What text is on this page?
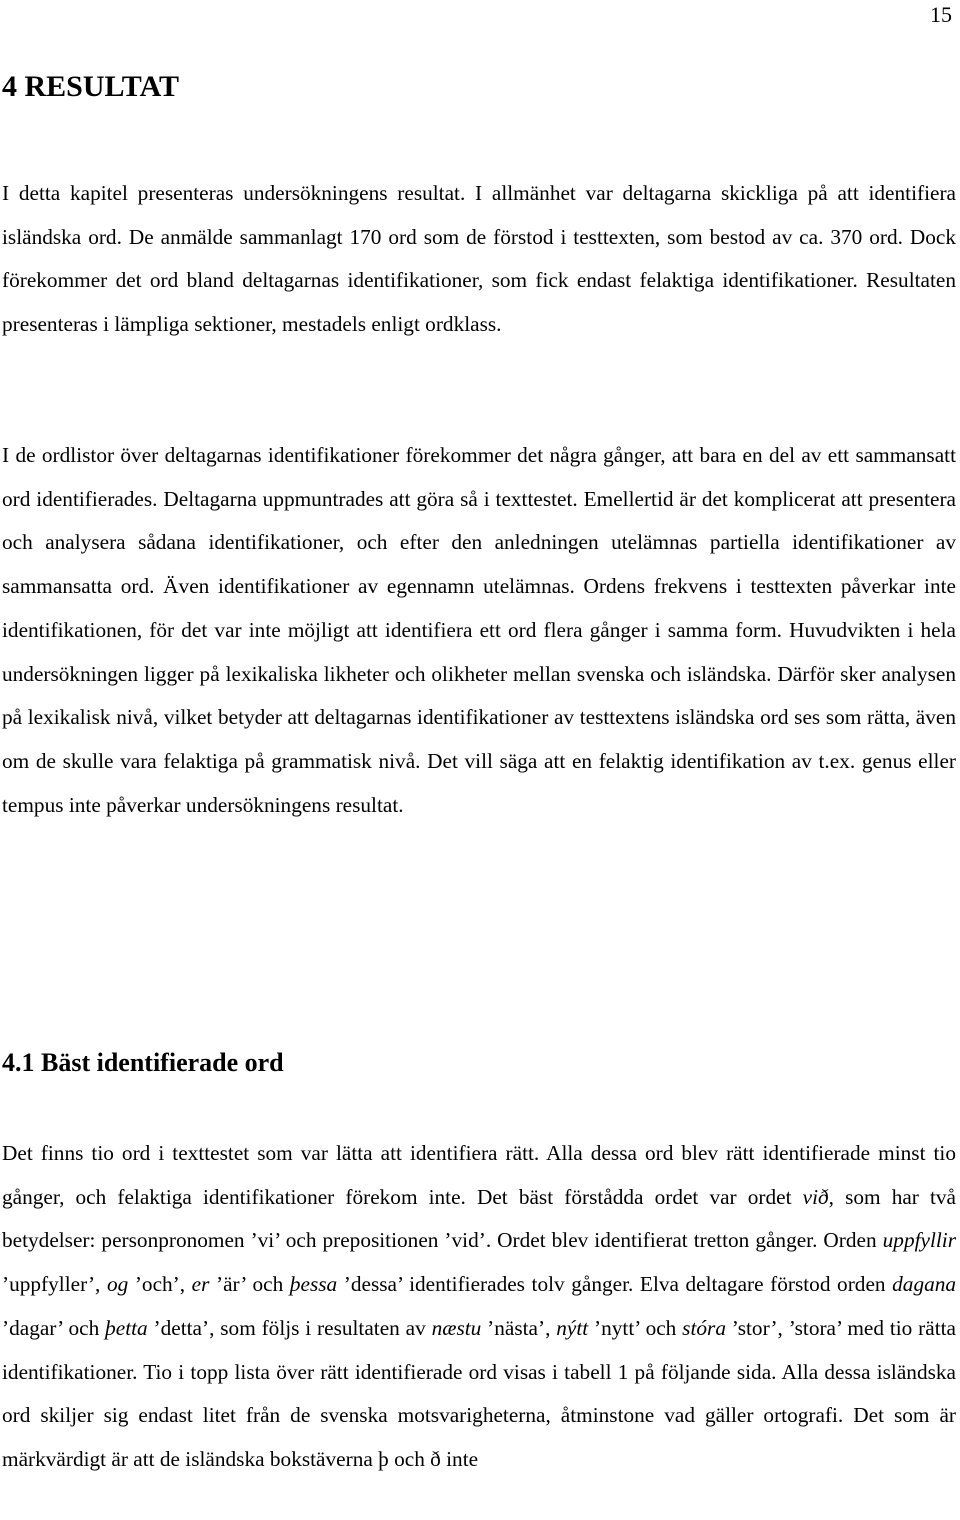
15
4 RESULTAT

I detta kapitel presenteras undersökningens resultat. I allmänhet var deltagarna skickliga på att identifiera isländska ord. De anmälde sammanlagt 170 ord som de förstod i testtexten, som bestod av ca. 370 ord. Dock förekommer det ord bland deltagarnas identifikationer, som fick endast felaktiga identifikationer. Resultaten presenteras i lämpliga sektioner, mestadels enligt ordklass.

I de ordlistor över deltagarnas identifikationer förekommer det några gånger, att bara en del av ett sammansatt ord identifierades. Deltagarna uppmuntrades att göra så i texttestet. Emellertid är det komplicerat att presentera och analysera sådana identifikationer, och efter den anledningen utelämnas partiella identifikationer av sammansatta ord. Även identifikationer av egennamn utelämnas. Ordens frekvens i testtexten påverkar inte identifikationen, för det var inte möjligt att identifiera ett ord flera gånger i samma form. Huvudvikten i hela undersökningen ligger på lexikaliska likheter och olikheter mellan svenska och isländska. Därför sker analysen på lexikalisk nivå, vilket betyder att deltagarnas identifikationer av testtextens isländska ord ses som rätta, även om de skulle vara felaktiga på grammatisk nivå. Det vill säga att en felaktig identifikation av t.ex. genus eller tempus inte påverkar undersökningens resultat.

4.1 Bäst identifierade ord

Det finns tio ord i texttestet som var lätta att identifiera rätt. Alla dessa ord blev rätt identifierade minst tio gånger, och felaktiga identifikationer förekom inte. Det bäst förstådda ordet var ordet við, som har två betydelser: personpronomen ’vi’ och prepositionen ’vid’. Ordet blev identifierat tretton gånger. Orden uppfyllir ’uppfyller’, og ’och’, er ’är’ och þessa ’dessa’ identifierades tolv gånger. Elva deltagare förstod orden dagana ’dagar’ och þetta ’detta’, som följs i resultaten av næstu ’nästa’, nýtt ’nytt’ och stóra ’stor’, ’stora’ med tio rätta identifikationer. Tio i topp lista över rätt identifierade ord visas i tabell 1 på följande sida. Alla dessa isländska ord skiljer sig endast litet från de svenska motsvarigheterna, åtminstone vad gäller ortografi. Det som är märkvärdigt är att de isländska bokstäverna þ och ð inte
